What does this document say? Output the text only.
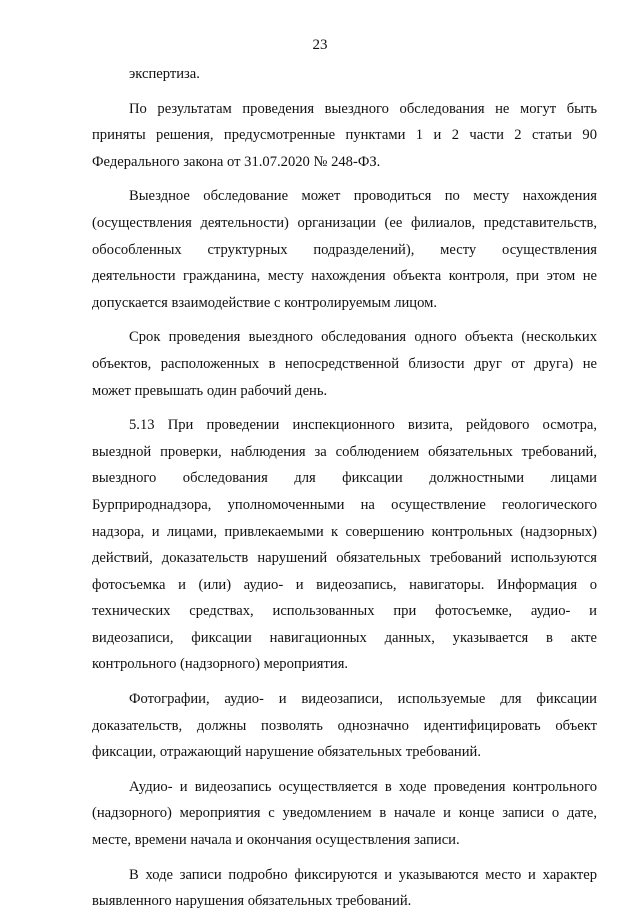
23

экспертиза.

По результатам проведения выездного обследования не могут быть
приняты решения, предусмотренные пунктами 1 и 2 части 2 статьи 90
Федерального закона от 31.07.2020 № 248-ФЗ.

Выездное обследование может проводиться по месту нахождения
(осуществления деятельности) организации (ее филиалов, представительств,
обособленных структурных подразделений), месту осуществления
деятельности гражданина, месту нахождения объекта контроля, при этом не
допускается взаимодействие с контролируемым лицом.

Срок проведения выездного обследования одного объекта (нескольких
объектов, расположенных в непосредственной близости друг от друга) не
может превышать один рабочий день.

5.13 При проведении инспекционного визита, рейдового осмотра,
выездной проверки, наблюдения за соблюдением обязательных требований,
выездного обследования для фиксации должностными лицами
Бурприроднадзора, уполномоченными на осуществление геологического
надзора, и лицами, привлекаемыми к совершению контрольных (надзорных)
действий, доказательств нарушений обязательных требований используются
фотосъемка и (или) аудио- и видеозапись, навигаторы. Информация о
технических средствах, использованных при фотосъемке, аудио- и
видеозаписи, фиксации навигационных данных, указывается в акте
контрольного (надзорного) мероприятия.

Фотографии, аудио- и видеозаписи, используемые для фиксации
доказательств, должны позволять однозначно идентифицировать объект
фиксации, отражающий нарушение обязательных требований.

Аудио- и видеозапись осуществляется в ходе проведения контрольного
(надзорного) мероприятия с уведомлением в начале и конце записи о дате,
месте, времени начала и окончания осуществления записи.

В ходе записи подробно фиксируются и указываются место и характер
выявленного нарушения обязательных требований.
